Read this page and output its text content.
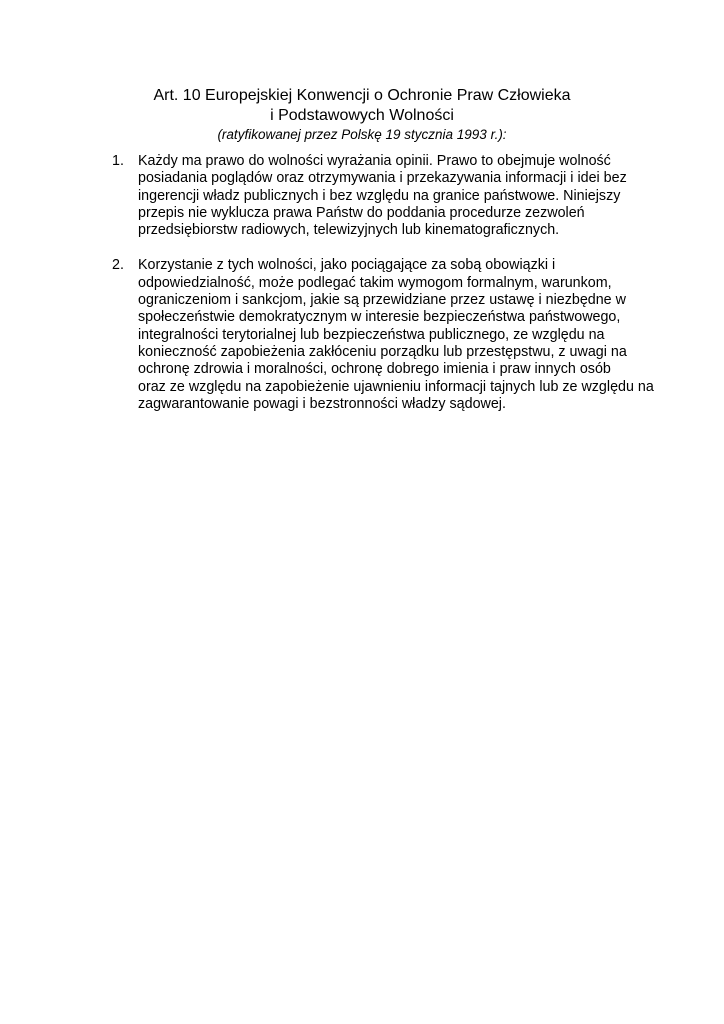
Art. 10 Europejskiej Konwencji o Ochronie Praw Człowieka

i Podstawowych Wolności

(ratyfikowanej przez Polskę 19 stycznia 1993 r.):

1. Każdy ma prawo do wolności wyrażania opinii. Prawo to obejmuje wolność
posiadania poglądów oraz otrzymywania i przekazywania informacji i idei bez
ingerencji władz publicznych i bez względu na granice państwowe. Niniejszy
przepis nie wyklucza prawa Państw do poddania procedurze zezwoleń
przedsiębiorstw radiowych, telewizyjnych lub kinematograficznych.
2. Korzystanie z tych wolności, jako pociągające za sobą obowiązki i
odpowiedzialność, może podlegać takim wymogom formalnym, warunkom,
ograniczeniom i sankcjom, jakie są przewidziane przez ustawę i niezbędne w
społeczeństwie demokratycznym w interesie bezpieczeństwa państwowego,
integralności terytorialnej lub bezpieczeństwa publicznego, ze względu na
konieczność zapobieżenia zakłóceniu porządku lub przestępstwu, z uwagi na
ochronę zdrowia i moralności, ochronę dobrego imienia i praw innych osób
oraz ze względu na zapobieżenie ujawnieniu informacji tajnych lub ze względu na
zagwarantowanie powagi i bezstronności władzy sądowej.
